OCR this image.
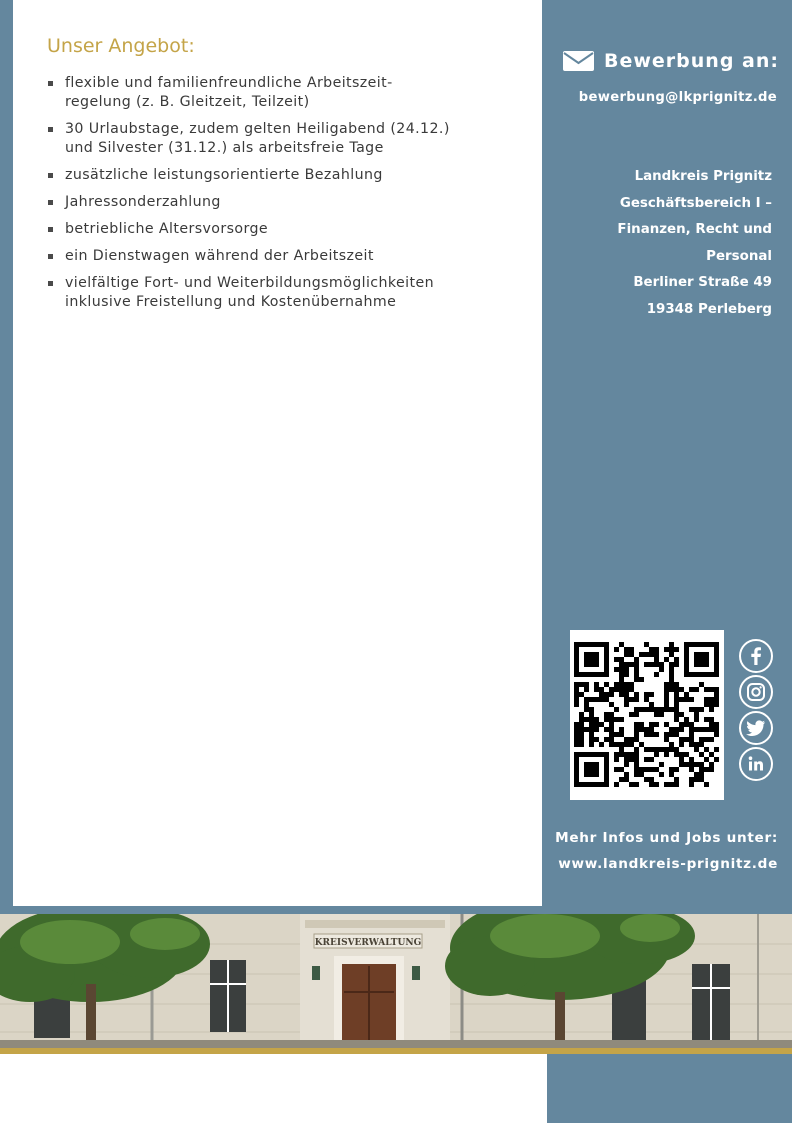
Unser Angebot:
flexible und familienfreundliche Arbeitszeit-
regelung (z. B. Gleitzeit, Teilzeit)
30 Urlaubstage, zudem gelten Heiligabend (24.12.)
und Silvester (31.12.) als arbeitsfreie Tage
zusätzliche leistungsorientierte Bezahlung
Jahressonderzahlung
betriebliche Altersvorsorge
ein Dienstwagen während der Arbeitszeit
vielfältige Fort- und Weiterbildungsmöglichkeiten
inklusive Freistellung und Kostenübernahme
Bewerbung an:
bewerbung@lkprignitz.de
Landkreis Prignitz
Geschäftsbereich I –
Finanzen, Recht und
Personal
Berliner Straße 49
19348 Perleberg
Mehr Infos und Jobs unter:
www.landkreis-prignitz.de
KREISVERWALTUNG
